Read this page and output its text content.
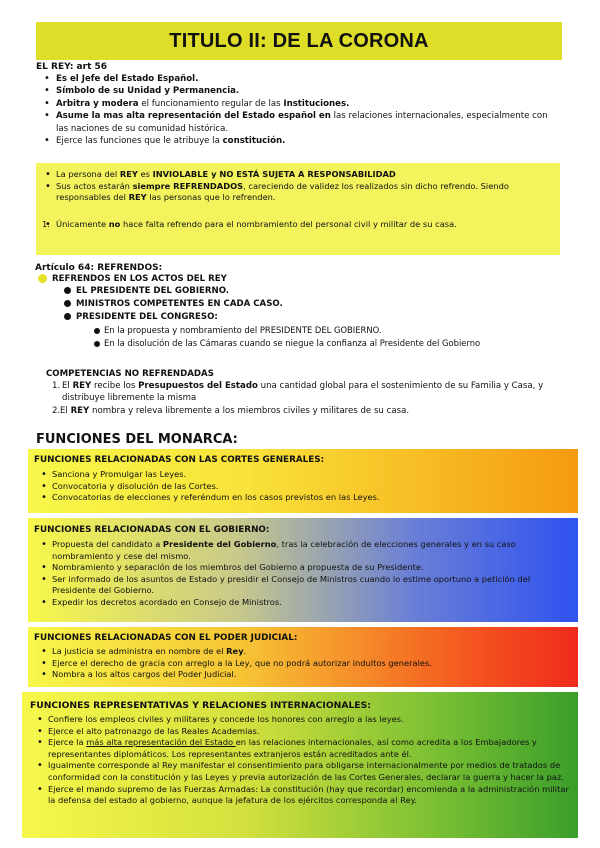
TITULO II: DE LA CORONA
EL REY: art 56
• Es el Jefe del Estado Español.
• Símbolo de su Unidad y Permanencia.
• Arbitra y modera el funcionamiento regular de las Instituciones.
• Asume la mas alta representación del Estado español en las relaciones internacionales, especialmente con las naciones de su comunidad histórica.
• Ejerce las funciones que le atribuye la constitución.
• La persona del REY es INVIOLABLE y NO ESTÁ SUJETA A RESPONSABILIDAD
• Sus actos estarán siempre REFRENDADOS, careciendo de validez los realizados sin dicho refrendo. Siendo responsables del REY las personas que lo refrenden.
• 1. Únicamente no hace falta refrendo para el nombramiento del personal civil y militar de su casa.
Artículo 64: REFRENDOS:
REFRENDOS EN LOS ACTOS DEL REY
EL PRESIDENTE DEL GOBIERNO.
MINISTROS COMPETENTES EN CADA CASO.
PRESIDENTE DEL CONGRESO:
En la propuesta y nombramiento del PRESIDENTE DEL GOBIERNO.
En la disolución de las Cámaras cuando se niegue la confianza al Presidente del Gobierno
COMPETENCIAS NO REFRENDADAS
1. El REY recibe los Presupuestos del Estado una cantidad global para el sostenimiento de su Familia y Casa, y distribuye libremente la misma
2. El REY nombra y releva libremente a los miembros civiles y militares de su casa.
FUNCIONES DEL MONARCA:
FUNCIONES RELACIONADAS CON LAS CORTES GENERALES:
• Sanciona y Promulgar las Leyes.
• Convocatoria y disolución de las Cortes.
• Convocatorias de elecciones y referéndum en los casos previstos en las Leyes.
FUNCIONES RELACIONADAS CON EL GOBIERNO:
• Propuesta del candidato a Presidente del Gobierno, tras la celebración de elecciones generales y en su caso nombramiento y cese del mismo.
• Nombramiento y separación de los miembros del Gobierno a propuesta de su Presidente.
• Ser informado de los asuntos de Estado y presidir el Consejo de Ministros cuando lo estime oportuno a petición del Presidente del Gobierno.
• Expedir los decretos acordado en Consejo de Ministros.
FUNCIONES RELACIONADAS CON EL PODER JUDICIAL:
• La justicia se administra en nombre de el Rey.
• Ejerce el derecho de gracia con arreglo a la Ley, que no podrá autorizar indultos generales.
• Nombra a los altos cargos del Poder Judicial.
FUNCIONES REPRESENTATIVAS Y RELACIONES INTERNACIONALES:
• Confiere los empleos civiles y militares y concede los honores con arreglo a las leyes.
• Ejerce el alto patronazgo de las Reales Academias.
• Ejerce la más alta representación del Estado en las relaciones internacionales, así como acredita a los Embajadores y representantes diplomáticos. Los representantes extranjeros están acreditados ante él.
• Igualmente corresponde al Rey manifestar el consentimiento para obligarse internacionalmente por medios de tratados de conformidad con la constitución y las Leyes y previa autorización de las Cortes Generales, declarar la guerra y hacer la paz.
• Ejerce el mando supremo de las Fuerzas Armadas: La constitución (hay que recordar) encomienda a la administración militar la defensa del estado al gobierno, aunque la jefatura de los ejércitos corresponda al Rey.
